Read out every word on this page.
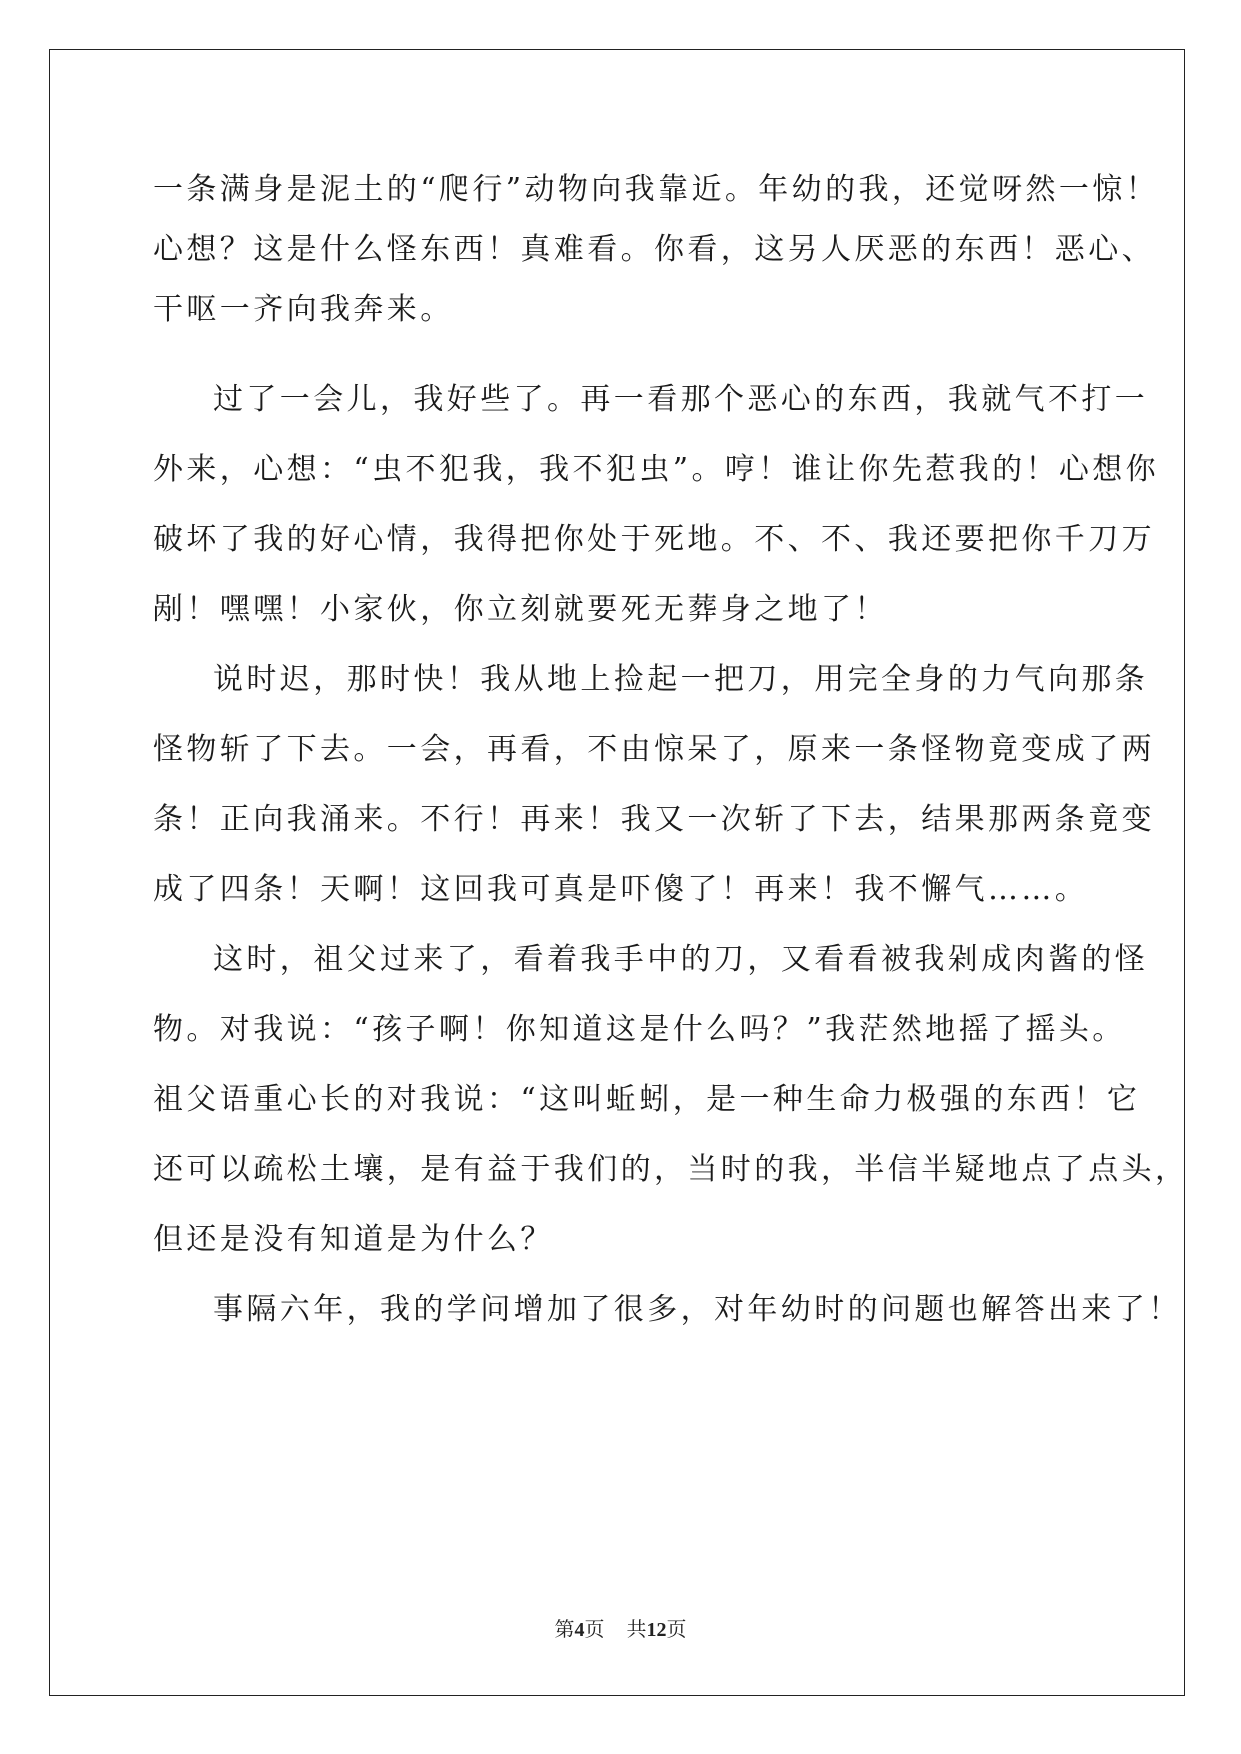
一条满身是泥土的“爬行”动物向我靠近。年幼的我，还觉呀然一惊！
心想？这是什么怪东西！真难看。你看，这另人厌恶的东西！恶心、
干呕一齐向我奔来。
过了一会儿，我好些了。再一看那个恶心的东西，我就气不打一
外来，心想：“虫不犯我，我不犯虫”。哼！谁让你先惹我的！心想你
破坏了我的好心情，我得把你处于死地。不、不、我还要把你千刀万
剐！嘿嘿！小家伙，你立刻就要死无葬身之地了！
说时迟，那时快！我从地上捡起一把刀，用完全身的力气向那条
怪物斩了下去。一会，再看，不由惊呆了，原来一条怪物竟变成了两
条！正向我涌来。不行！再来！我又一次斩了下去，结果那两条竟变
成了四条！天啊！这回我可真是吓傻了！再来！我不懈气……。
这时，祖父过来了，看着我手中的刀，又看看被我剁成肉酱的怪
物。对我说：“孩子啊！你知道这是什么吗？”我茫然地摇了摇头。
祖父语重心长的对我说：“这叫蚯蚓，是一种生命力极强的东西！它
还可以疏松土壤，是有益于我们的，当时的我，半信半疑地点了点头，
但还是没有知道是为什么？
事隔六年，我的学问增加了很多，对年幼时的问题也解答出来了！
第4页 共12页
